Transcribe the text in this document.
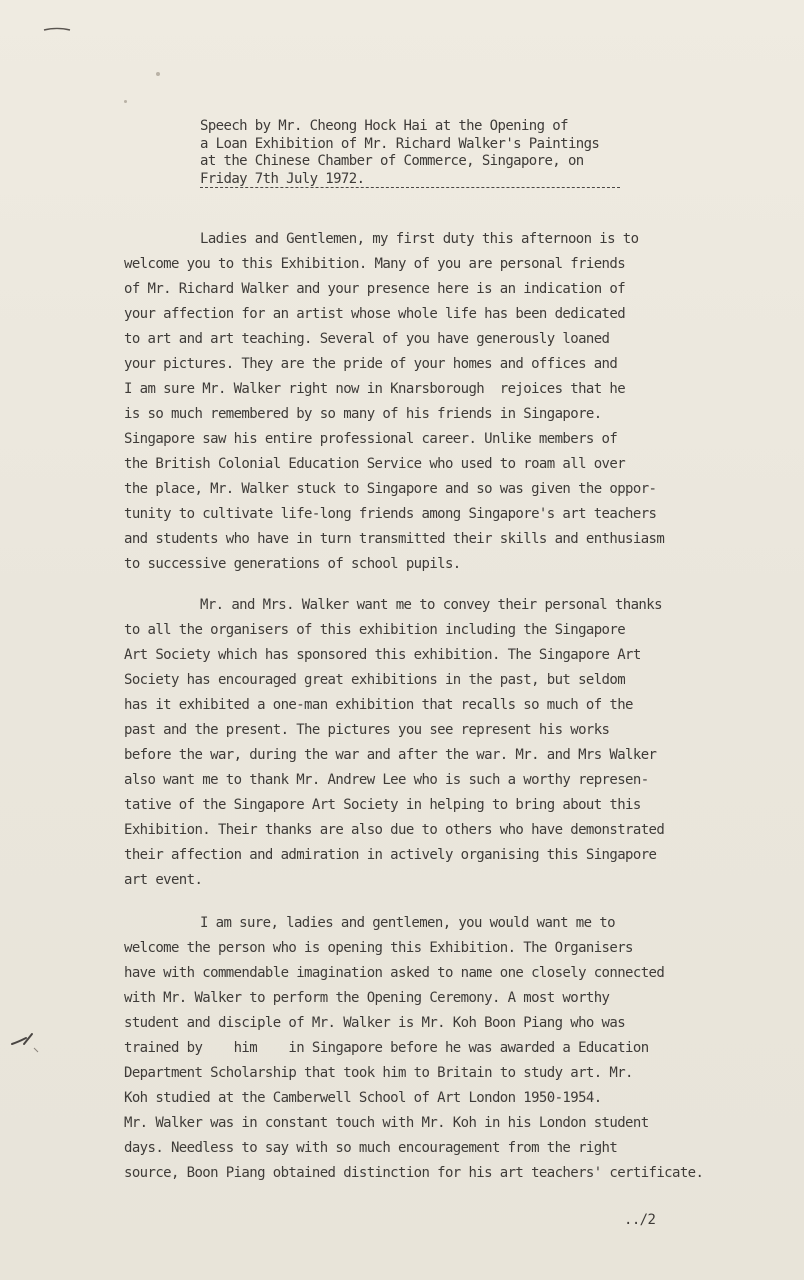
Speech by Mr. Cheong Hock Hai at the Opening of
a Loan Exhibition of Mr. Richard Walker's Paintings
at the Chinese Chamber of Commerce, Singapore, on
Friday 7th July 1972.
Ladies and Gentlemen, my first duty this afternoon is to
welcome you to this Exhibition. Many of you are personal friends
of Mr. Richard Walker and your presence here is an indication of
your affection for an artist whose whole life has been dedicated
to art and art teaching. Several of you have generously loaned
your pictures. They are the pride of your homes and offices and
I am sure Mr. Walker right now in Knarsborough  rejoices that he
is so much remembered by so many of his friends in Singapore.
Singapore saw his entire professional career. Unlike members of
the British Colonial Education Service who used to roam all over
the place, Mr. Walker stuck to Singapore and so was given the oppor-
tunity to cultivate life-long friends among Singapore's art teachers
and students who have in turn transmitted their skills and enthusiasm
to successive generations of school pupils.
Mr. and Mrs. Walker want me to convey their personal thanks
to all the organisers of this exhibition including the Singapore
Art Society which has sponsored this exhibition. The Singapore Art
Society has encouraged great exhibitions in the past, but seldom
has it exhibited a one-man exhibition that recalls so much of the
past and the present. The pictures you see represent his works
before the war, during the war and after the war. Mr. and Mrs Walker
also want me to thank Mr. Andrew Lee who is such a worthy represen-
tative of the Singapore Art Society in helping to bring about this
Exhibition. Their thanks are also due to others who have demonstrated
their affection and admiration in actively organising this Singapore
art event.
I am sure, ladies and gentlemen, you would want me to
welcome the person who is opening this Exhibition. The Organisers
have with commendable imagination asked to name one closely connected
with Mr. Walker to perform the Opening Ceremony. A most worthy
student and disciple of Mr. Walker is Mr. Koh Boon Piang who was
trained by    him    in Singapore before he was awarded a Education
Department Scholarship that took him to Britain to study art. Mr.
Koh studied at the Camberwell School of Art London 1950-1954.
Mr. Walker was in constant touch with Mr. Koh in his London student
days. Needless to say with so much encouragement from the right
source, Boon Piang obtained distinction for his art teachers' certificate.
../2
